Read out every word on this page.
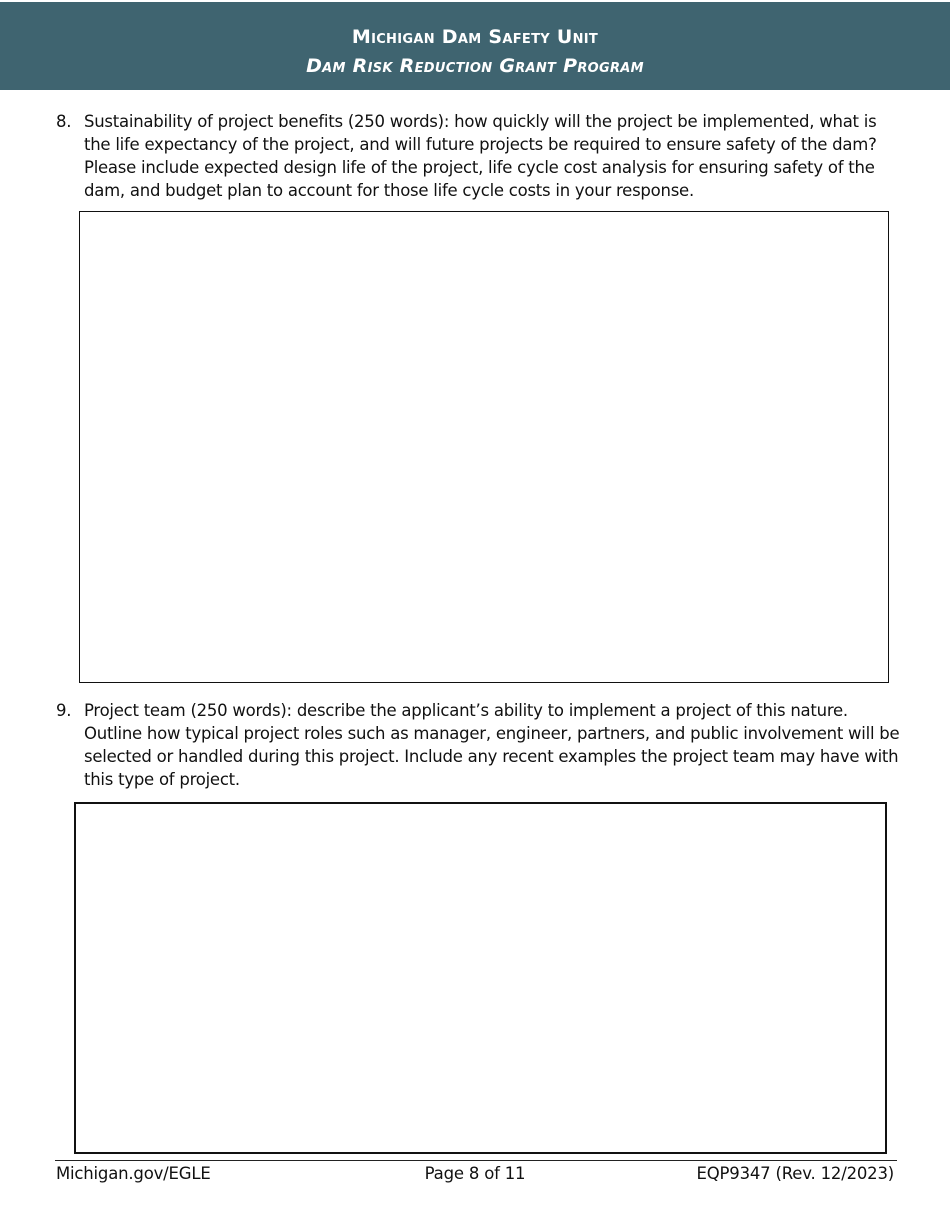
Michigan Dam Safety Unit
Dam Risk Reduction Grant Program
8. Sustainability of project benefits (250 words): how quickly will the project be implemented, what is the life expectancy of the project, and will future projects be required to ensure safety of the dam? Please include expected design life of the project, life cycle cost analysis for ensuring safety of the dam, and budget plan to account for those life cycle costs in your response.
9. Project team (250 words): describe the applicant’s ability to implement a project of this nature. Outline how typical project roles such as manager, engineer, partners, and public involvement will be selected or handled during this project. Include any recent examples the project team may have with this type of project.
Michigan.gov/EGLE	Page 8 of 11	EQP9347 (Rev. 12/2023)
